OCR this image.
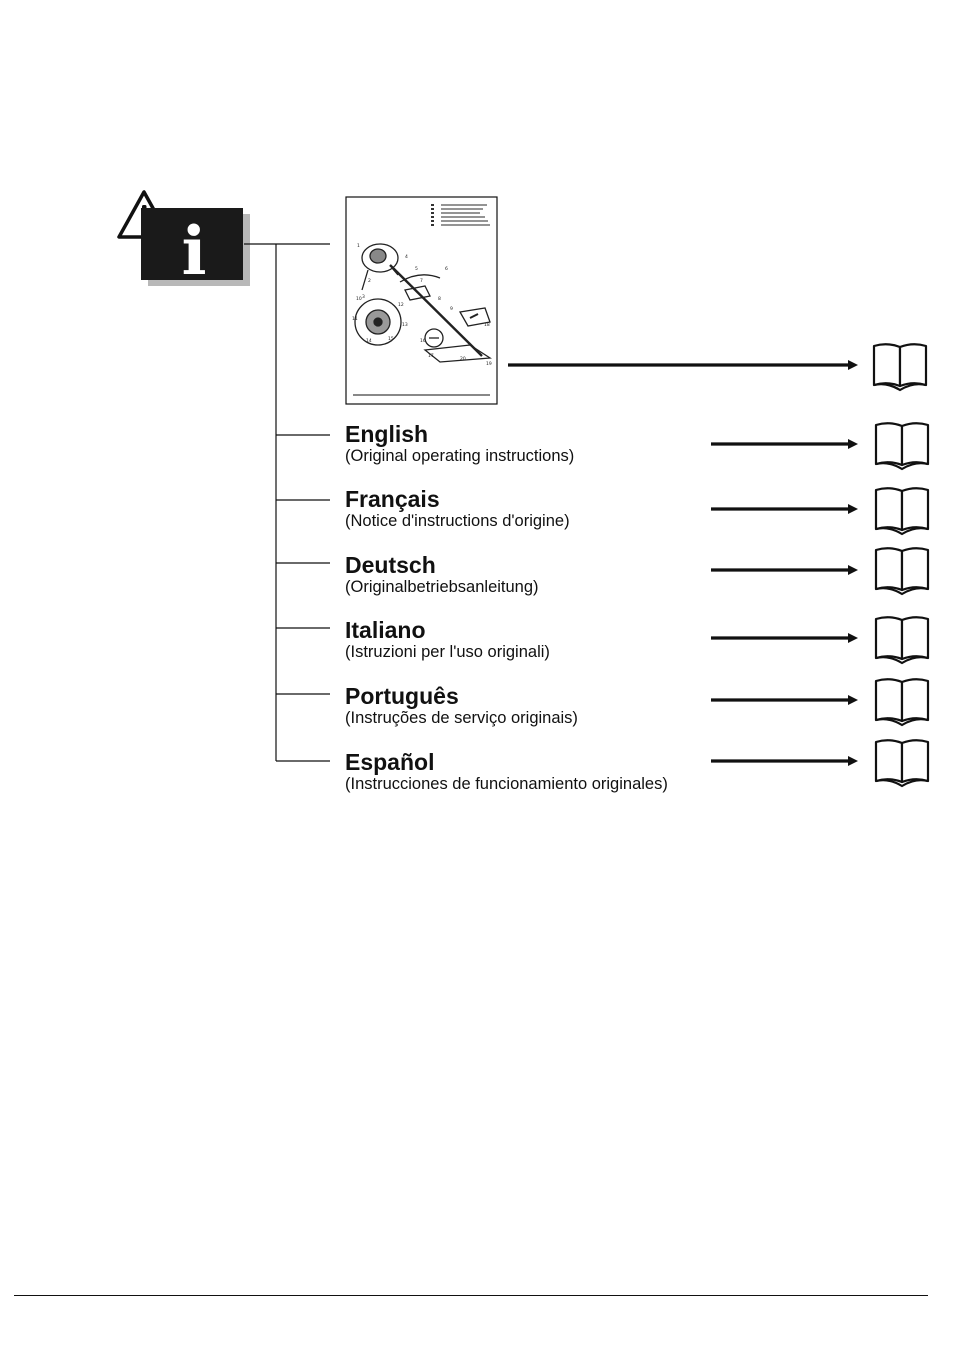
i	1
2
3
4
5	6
7
8
9
10
11
12
13
14	15	16
17
18
19
20
English
(Original operating instructions)
Français
(Notice d'instructions d'origine)
Deutsch
(Originalbetriebsanleitung)
Italiano
(Istruzioni per l'uso originali)
Português
(Instruções de serviço originais)
Español
(Instrucciones de funcionamiento originales)
